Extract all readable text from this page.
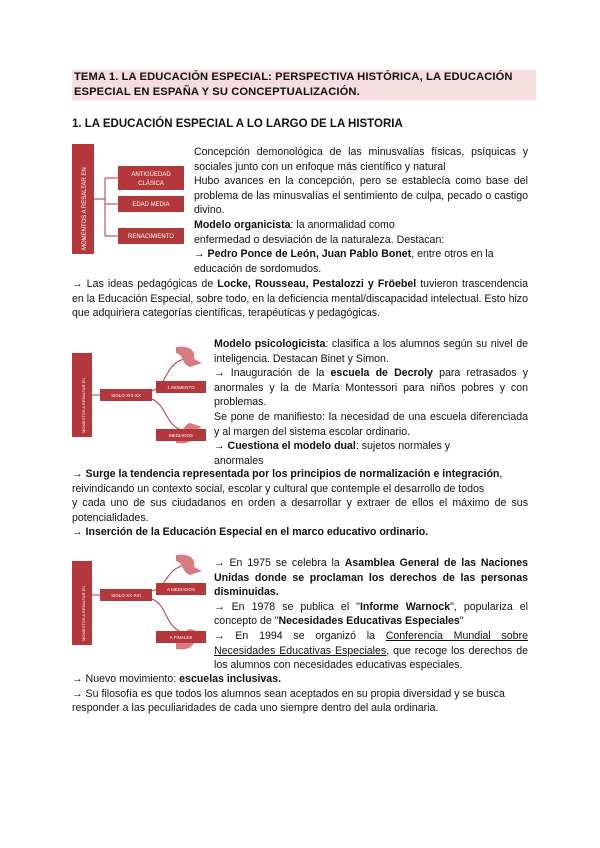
TEMA 1. LA EDUCACIÓN ESPECIAL: PERSPECTIVA HISTÓRICA, LA EDUCACIÓN ESPECIAL EN ESPAÑA Y SU CONCEPTUALIZACIÓN.
1. LA EDUCACIÓN ESPECIAL A LO LARGO DE LA HISTORIA
MOMENTOS A RESALTAR EN	ANTIGÜEDAD
CLÁSICA
EDAD MEDIA
RENACIMIENTO
Concepción demonológica de las minusvalías físicas, psíquicas y sociales junto con un enfoque más científico y natural
Hubo avances en la concepción, pero se establecía como base del problema de las minusvalías el sentimiento de culpa, pecado o castigo divino.
Modelo organicista: la anormalidad como
enfermedad o desviación de la naturaleza. Destacan:
→ Pedro Ponce de León, Juan Pablo Bonet, entre otros en la educación de sordomudos.
→ Las ideas pedagógicas de Locke, Rousseau, Pestalozzi y Fröebel tuvieron trascendencia en la Educación Especial, sobre todo, en la deficiencia mental/discapacidad intelectual. Esto hizo que adquiriera categorías científicas, terapéuticas y pedagógicas.
MOMENTOS A RESALTAR EN	SIGLO XIX-XX
1 MOMENTO
MEDIADOS
Modelo psicologicista: clasifica a los alumnos según su nivel de inteligencia. Destacan Binet y Simon.
→ Inauguración de la escuela de Decroly para retrasados y anormales y la de María Montessori para niños pobres y con problemas.
Se pone de manifiesto: la necesidad de una escuela diferenciada y al margen del sistema escolar ordinario.
→ Cuestiona el modelo dual: sujetos normales y
anormales
→ Surge la tendencia representada por los principios de normalización e integración,
reivindicando un contexto social, escolar y cultural que contemple el desarrollo de todos
y cada uno de sus ciudadanos en orden a desarrollar y extraer de ellos el máximo de sus potencialidades.
→ Inserción de la Educación Especial en el marco educativo ordinario.
MOMENTOS A RESALTAR EN	SIGLO XX-XXI
A MEDIADOS
A FINALES
→ En 1975 se celebra la Asamblea General de las Naciones Unidas donde se proclaman los derechos de las personas disminuidas.
→ En 1978 se publica el "Informe Warnock", populariza el concepto de "Necesidades Educativas Especiales"
→ En 1994 se organizó la Conferencia Mundial sobre Necesidades Educativas Especiales, que recoge los derechos de los alumnos con necesidades educativas especiales.
→ Nuevo movimiento: escuelas inclusivas.
→ Su filosofía es que todos los alumnos sean aceptados en su propia diversidad y se busca responder a las peculiaridades de cada uno siempre dentro del aula ordinaria.
